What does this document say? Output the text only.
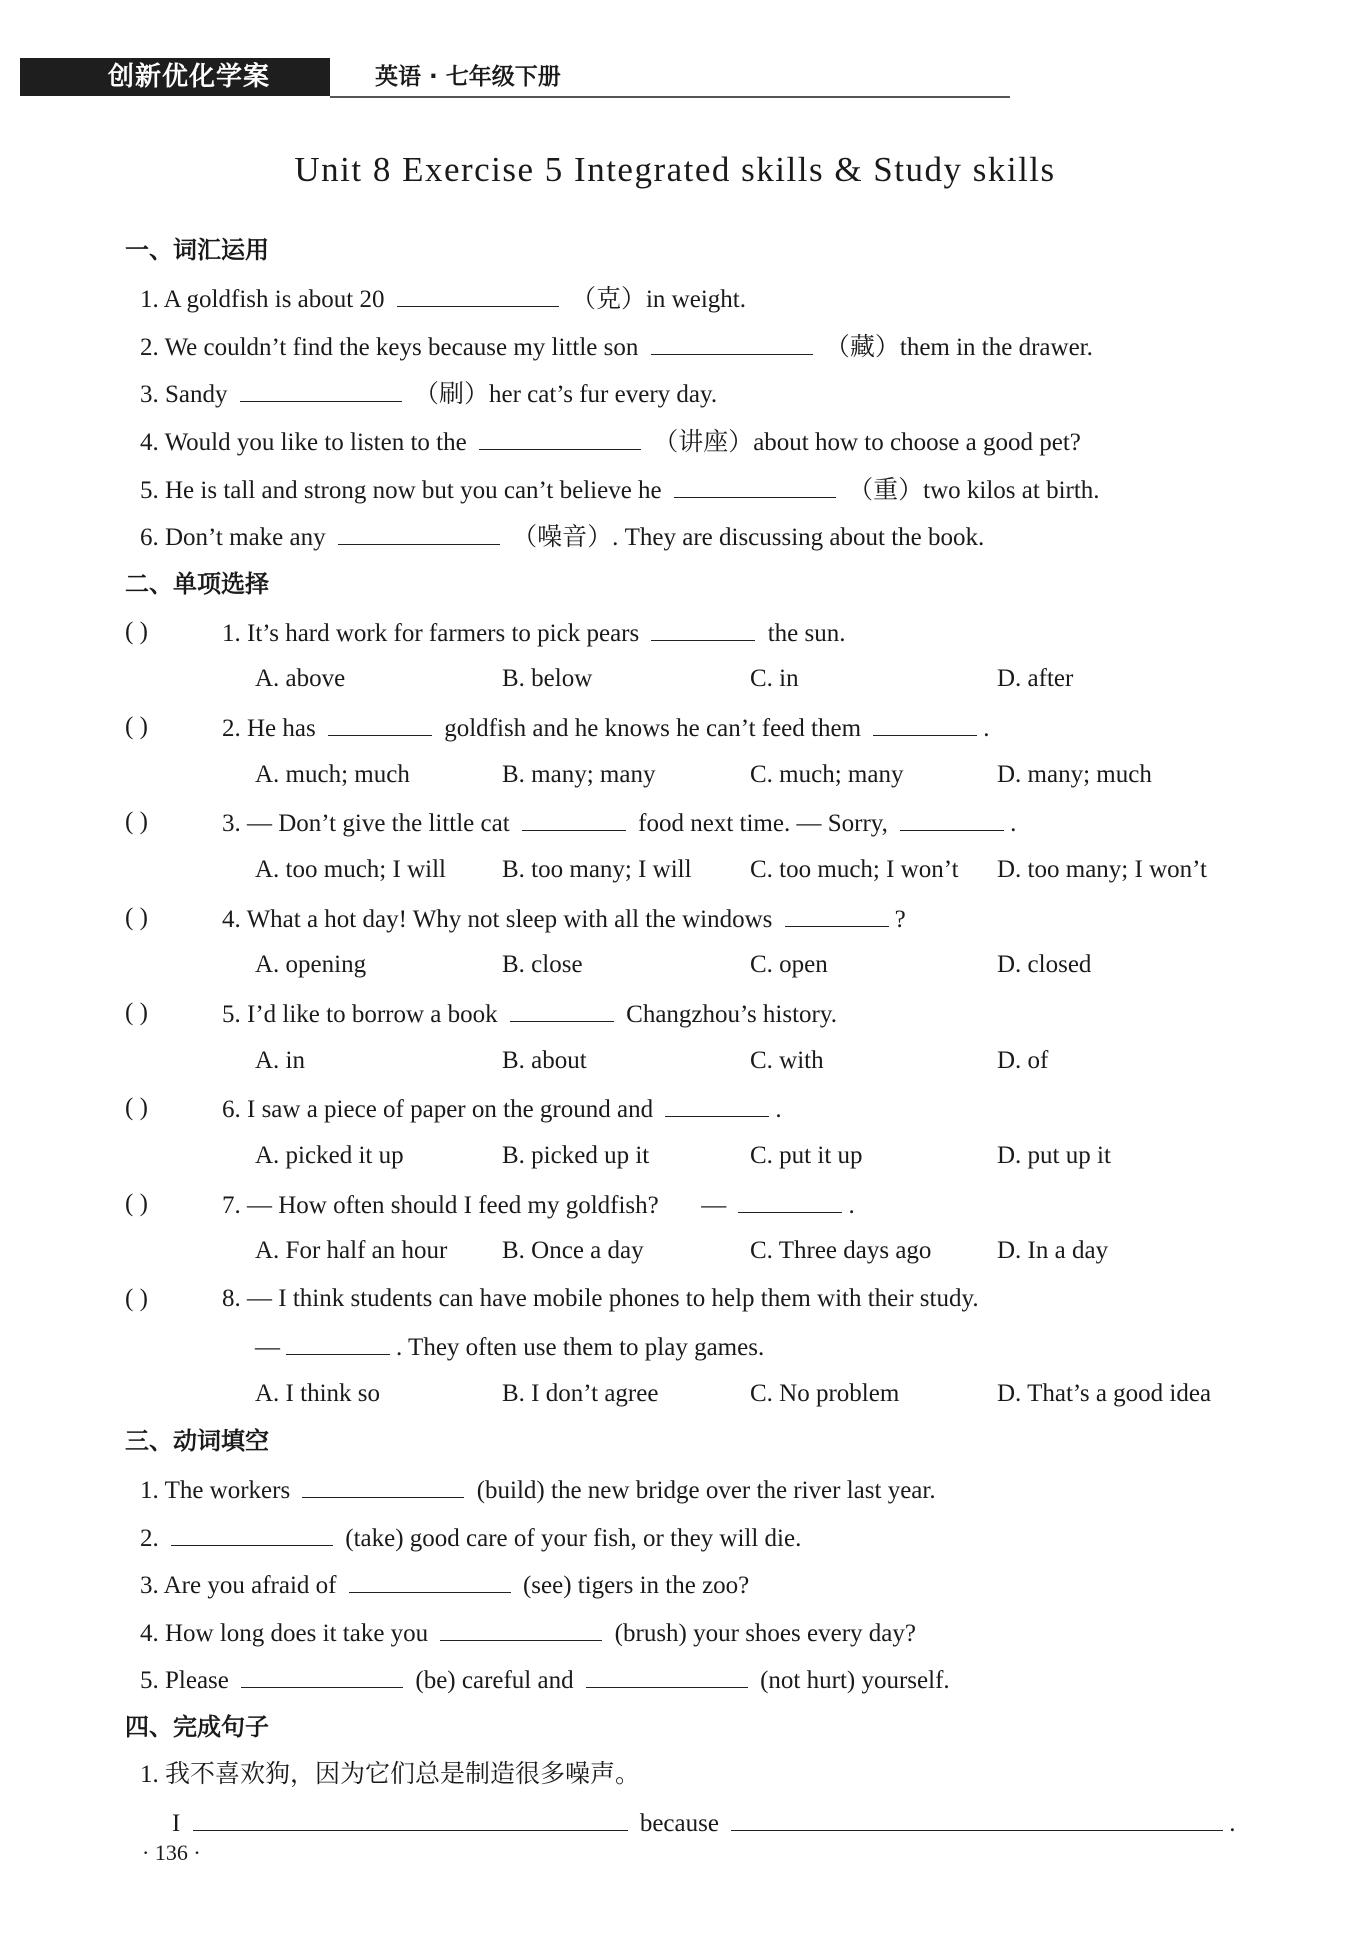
创新优化学案	英语 · 七年级下册
Unit 8 Exercise 5 Integrated skills & Study skills
一、词汇运用
1. A goldfish is about 20	（克）in weight.
2. We couldn’t find the keys because my little son	（藏）them in the drawer.
3. Sandy	（刷）her cat’s fur every day.
4. Would you like to listen to the	（讲座）about how to choose a good pet?
5. He is tall and strong now but you can’t believe he	（重）two kilos at birth.
6. Don’t make any	（噪音）. They are discussing about the book.
二、单项选择
( )	1. It’s hard work for farmers to pick pears	the sun.
A. above	B. below	C. in	D. after
( )	2. He has	goldfish and he knows he can’t feed them	.
A. much; much	B. many; many	C. much; many	D. many; much
( )	3. — Don’t give the little cat	food next time. — Sorry,	.
A. too much; I will B. too many; I will C. too much; I won’t D. too many; I won’t
( )	4. What a hot day! Why not sleep with all the windows	?
A. opening	B. close	C. open	D. closed
( )	5. I’d like to borrow a book	Changzhou’s history.
A. in	B. about	C. with	D. of
( )	6. I saw a piece of paper on the ground and	.
A. picked it up	B. picked up it	C. put it up	D. put up it
( )	7. — How often should I feed my goldfish? —	.
A. For half an hour B. Once a day	C. Three days ago	D. In a day
( )	8. — I think students can have mobile phones to help them with their study.
—	. They often use them to play games.
A. I think so	B. I don’t agree	C. No problem	D. That’s a good idea
三、动词填空
1. The workers	(build) the new bridge over the river last year.
2.	(take) good care of your fish, or they will die.
3. Are you afraid of	(see) tigers in the zoo?
4. How long does it take you	(brush) your shoes every day?
5. Please	(be) careful and	(not hurt) yourself.
四、完成句子
1. 我不喜欢狗，因为它们总是制造很多噪声。
I	because	.
· 136 ·
